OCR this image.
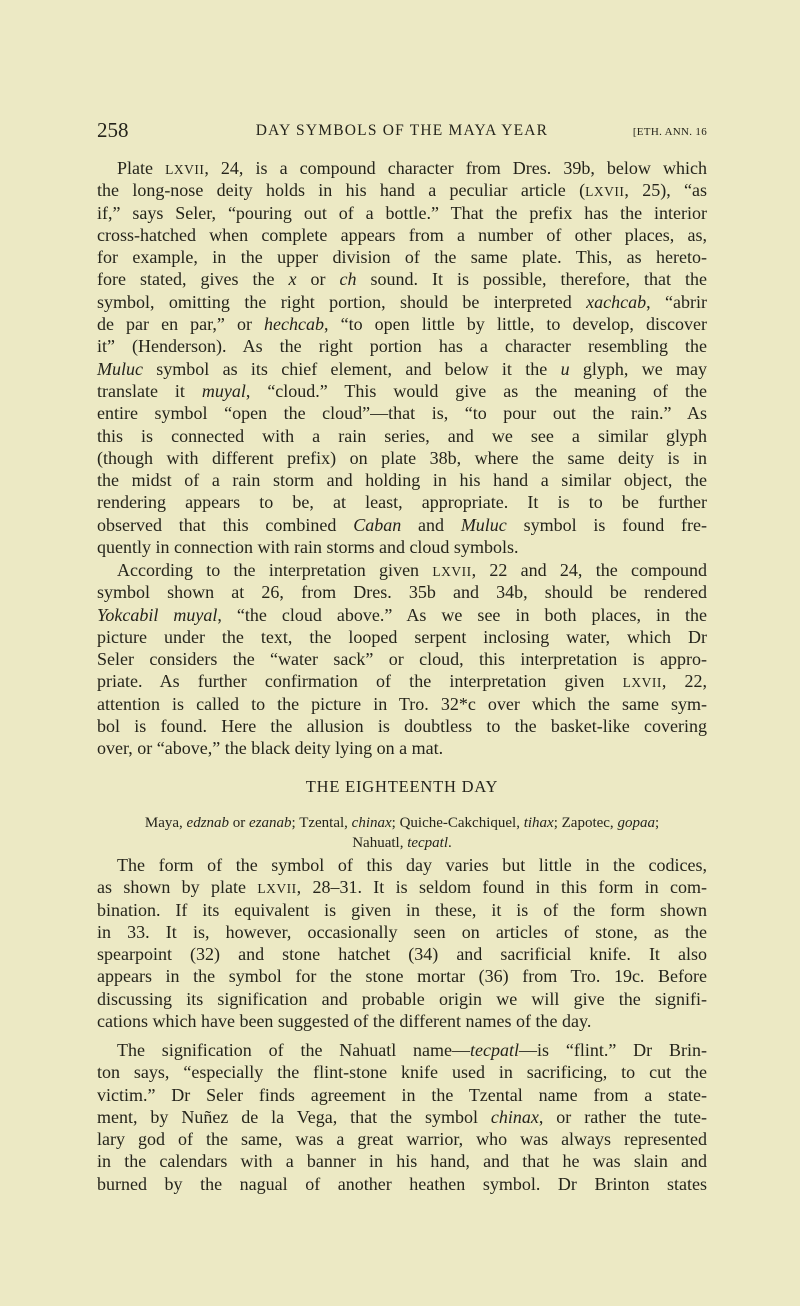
258	DAY SYMBOLS OF THE MAYA YEAR	[ETH. ANN. 16
Plate LXVII, 24, is a compound character from Dres. 39b, below which
the long-nose deity holds in his hand a peculiar article (LXVII, 25), “as
if,” says Seler, “pouring out of a bottle.” That the prefix has the interior
cross-hatched when complete appears from a number of other places, as,
for example, in the upper division of the same plate. This, as hereto-
fore stated, gives the x or ch sound. It is possible, therefore, that the
symbol, omitting the right portion, should be interpreted xachcab, “abrir
de par en par,” or hechcab, “to open little by little, to develop, discover
it” (Henderson). As the right portion has a character resembling the
Muluc symbol as its chief element, and below it the u glyph, we may
translate it muyal, “cloud.” This would give as the meaning of the
entire symbol “open the cloud”—that is, “to pour out the rain.” As
this is connected with a rain series, and we see a similar glyph
(though with different prefix) on plate 38b, where the same deity is in
the midst of a rain storm and holding in his hand a similar object, the
rendering appears to be, at least, appropriate. It is to be further
observed that this combined Caban and Muluc symbol is found fre-
quently in connection with rain storms and cloud symbols.
According to the interpretation given LXVII, 22 and 24, the compound
symbol shown at 26, from Dres. 35b and 34b, should be rendered
Yokcabil muyal, “the cloud above.” As we see in both places, in the
picture under the text, the looped serpent inclosing water, which Dr
Seler considers the “water sack” or cloud, this interpretation is appro-
priate. As further confirmation of the interpretation given LXVII, 22,
attention is called to the picture in Tro. 32*c over which the same sym-
bol is found. Here the allusion is doubtless to the basket-like covering
over, or “above,” the black deity lying on a mat.
THE EIGHTEENTH DAY
Maya, edznab or ezanab; Tzental, chinax; Quiche-Cakchiquel, tihax; Zapotec, gopaa;
Nahuatl, tecpatl.
The form of the symbol of this day varies but little in the codices,
as shown by plate LXVII, 28–31. It is seldom found in this form in com-
bination. If its equivalent is given in these, it is of the form shown
in 33. It is, however, occasionally seen on articles of stone, as the
spearpoint (32) and stone hatchet (34) and sacrificial knife. It also
appears in the symbol for the stone mortar (36) from Tro. 19c. Before
discussing its signification and probable origin we will give the signifi-
cations which have been suggested of the different names of the day.
The signification of the Nahuatl name—tecpatl—is “flint.” Dr Brin-
ton says, “especially the flint-stone knife used in sacrificing, to cut the
victim.” Dr Seler finds agreement in the Tzental name from a state-
ment, by Nuñez de la Vega, that the symbol chinax, or rather the tute-
lary god of the same, was a great warrior, who was always represented
in the calendars with a banner in his hand, and that he was slain and
burned by the nagual of another heathen symbol. Dr Brinton states
